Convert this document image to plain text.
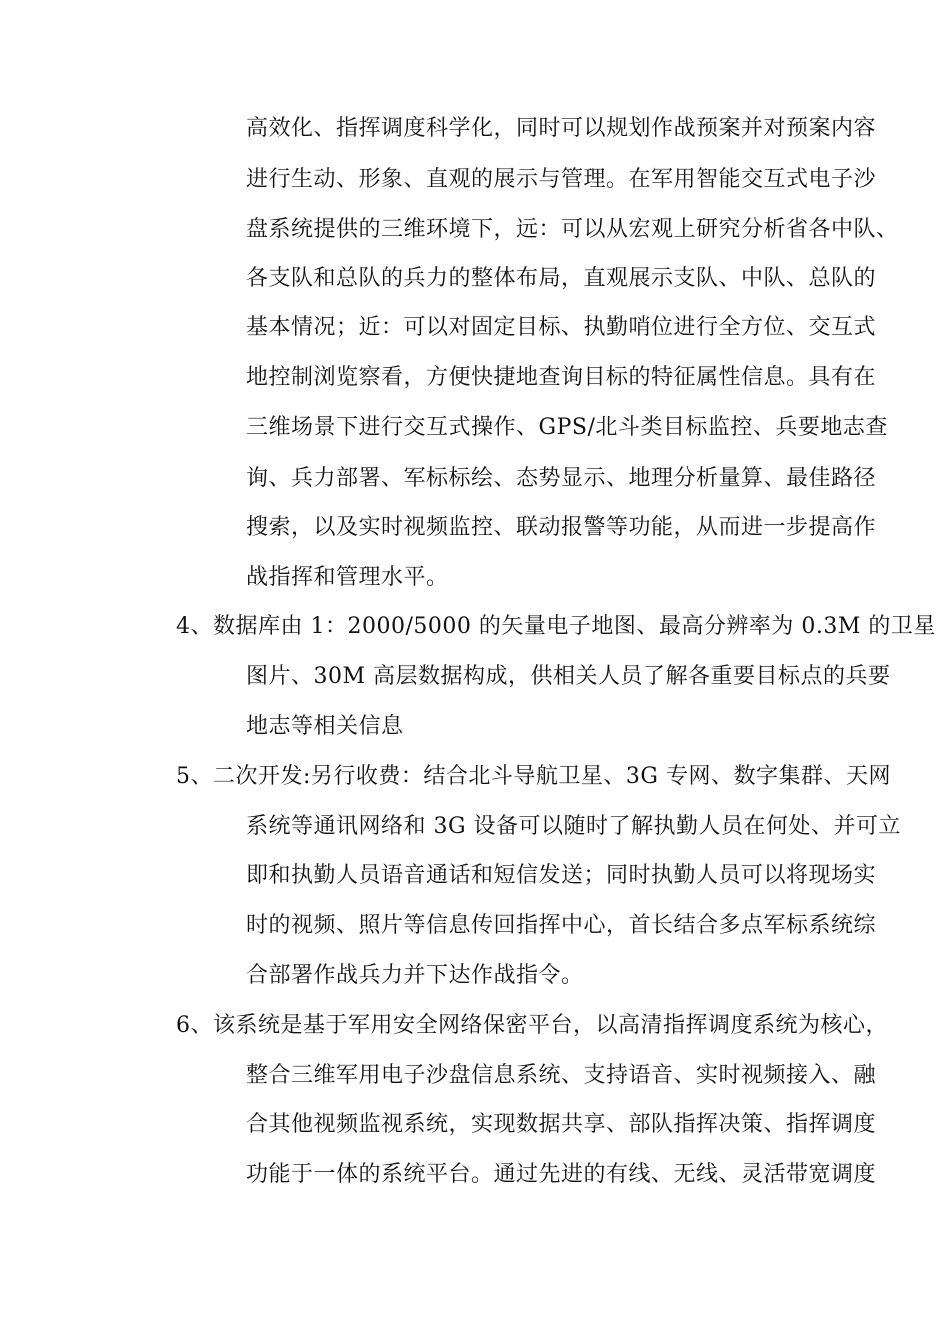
高效化、指挥调度科学化，同时可以规划作战预案并对预案内容
进行生动、形象、直观的展示与管理。在军用智能交互式电子沙
盘系统提供的三维环境下，远：可以从宏观上研究分析省各中队、
各支队和总队的兵力的整体布局，直观展示支队、中队、总队的
基本情况；近：可以对固定目标、执勤哨位进行全方位、交互式
地控制浏览察看，方便快捷地查询目标的特征属性信息。具有在
三维场景下进行交互式操作、GPS/北斗类目标监控、兵要地志查
询、兵力部署、军标标绘、态势显示、地理分析量算、最佳路径
搜索，以及实时视频监控、联动报警等功能，从而进一步提高作
战指挥和管理水平。
4、数据库由 1：2000/5000 的矢量电子地图、最高分辨率为 0.3M 的卫星
图片、30M 高层数据构成，供相关人员了解各重要目标点的兵要
地志等相关信息
5、二次开发:另行收费：结合北斗导航卫星、3G 专网、数字集群、天网
系统等通讯网络和 3G 设备可以随时了解执勤人员在何处、并可立
即和执勤人员语音通话和短信发送；同时执勤人员可以将现场实
时的视频、照片等信息传回指挥中心，首长结合多点军标系统综
合部署作战兵力并下达作战指令。
6、该系统是基于军用安全网络保密平台，以高清指挥调度系统为核心，
整合三维军用电子沙盘信息系统、支持语音、实时视频接入、融
合其他视频监视系统，实现数据共享、部队指挥决策、指挥调度
功能于一体的系统平台。通过先进的有线、无线、灵活带宽调度
